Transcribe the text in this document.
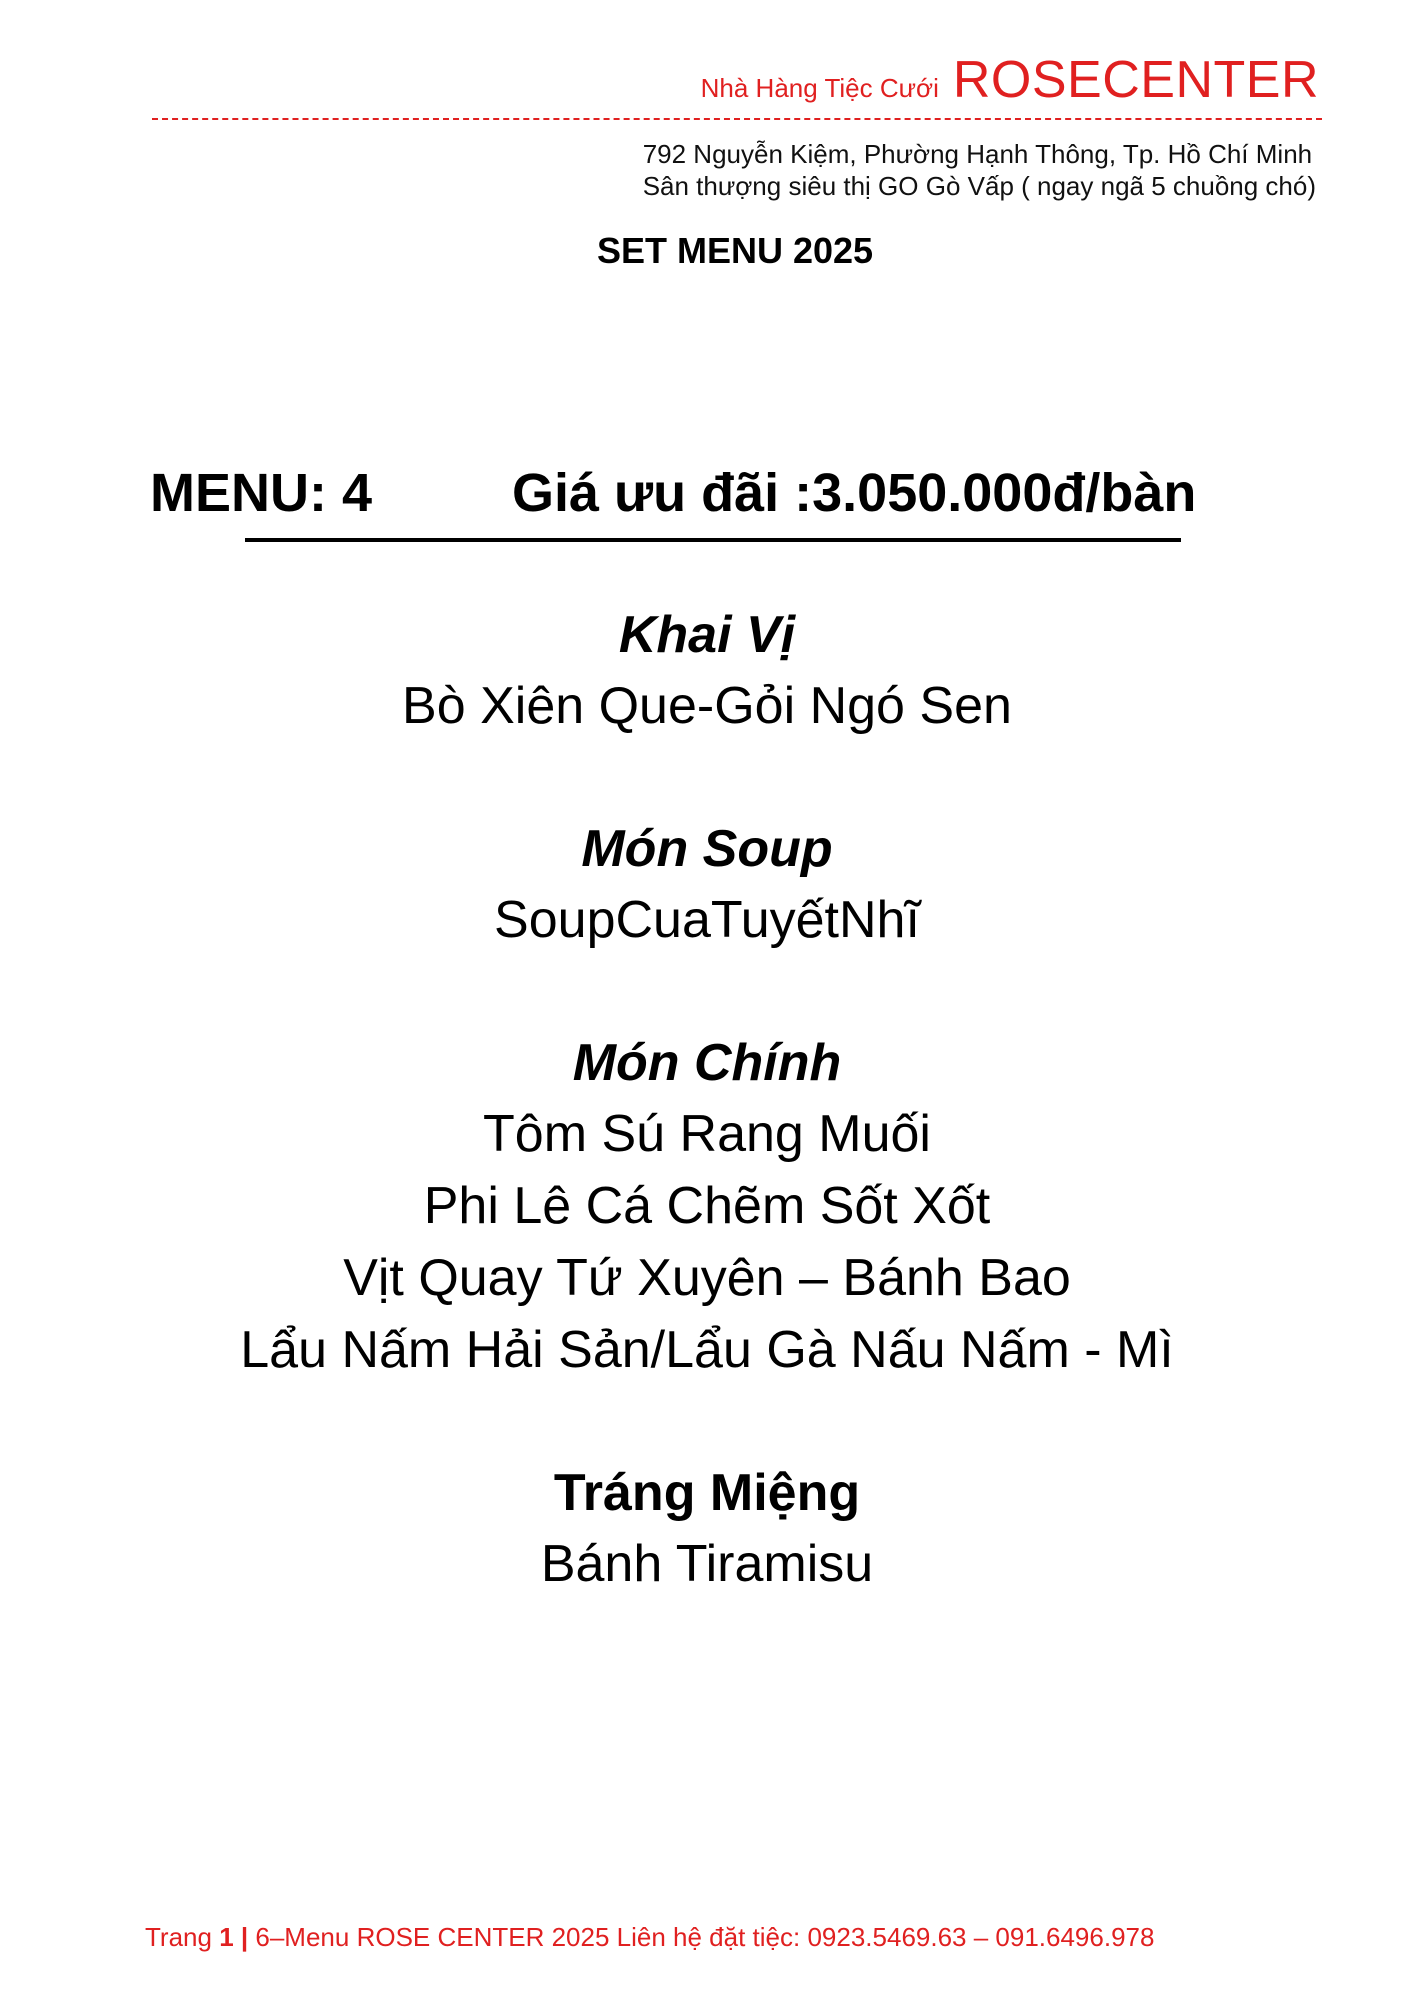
Nhà Hàng Tiệc Cưới ROSECENTER
792 Nguyễn Kiệm, Phường Hạnh Thông, Tp. Hồ Chí Minh
Sân thượng siêu thị GO Gò Vấp ( ngay ngã 5 chuồng chó)
SET MENU 2025
MENU: 4	Giá ưu đãi :3.050.000đ/bàn
Khai Vị
Bò Xiên Que-Gỏi Ngó Sen
Món Soup
SoupCuaTuyếtNhĩ
Món Chính
Tôm Sú Rang Muối
Phi Lê Cá Chẽm Sốt Xốt
Vịt Quay Tứ Xuyên – Bánh Bao
Lẩu Nấm Hải Sản/Lẩu Gà Nấu Nấm - Mì
Tráng Miệng
Bánh Tiramisu
Trang 1 | 6–Menu ROSE CENTER 2025 Liên hệ đặt tiệc: 0923.5469.63 – 091.6496.978
